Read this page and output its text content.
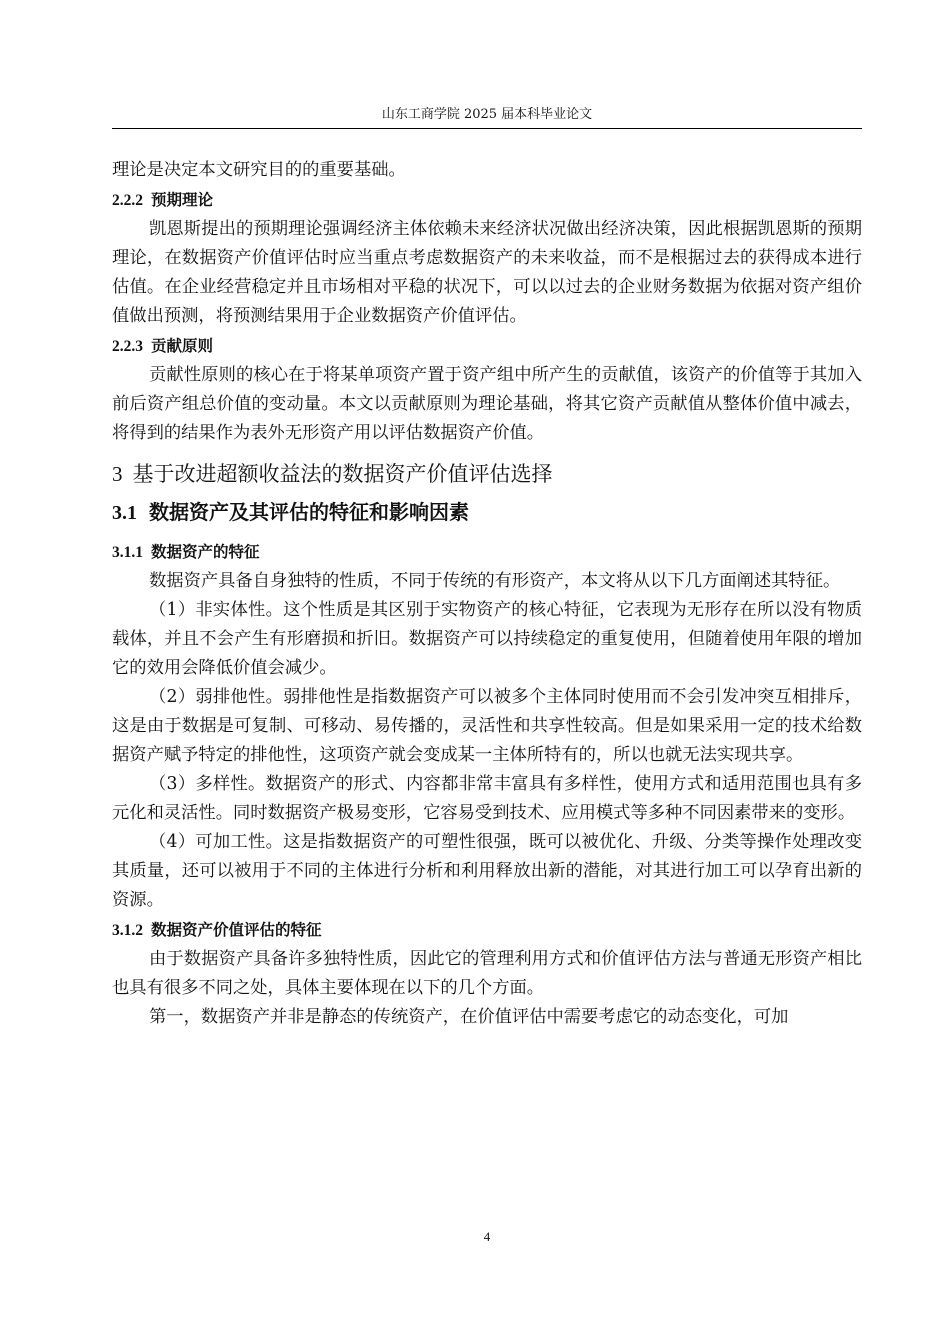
山东工商学院 2025 届本科毕业论文

理论是决定本文研究目的的重要基础。

2.2.2 预期理论

凯恩斯提出的预期理论强调经济主体依赖未来经济状况做出经济决策，因此根据凯恩斯的预期理论，在数据资产价值评估时应当重点考虑数据资产的未来收益，而不是根据过去的获得成本进行估值。在企业经营稳定并且市场相对平稳的状况下，可以以过去的企业财务数据为依据对资产组价值做出预测，将预测结果用于企业数据资产价值评估。

2.2.3 贡献原则

贡献性原则的核心在于将某单项资产置于资产组中所产生的贡献值，该资产的价值等于其加入前后资产组总价值的变动量。本文以贡献原则为理论基础，将其它资产贡献值从整体价值中减去，将得到的结果作为表外无形资产用以评估数据资产价值。

3 基于改进超额收益法的数据资产价值评估选择
3.1 数据资产及其评估的特征和影响因素
3.1.1 数据资产的特征

数据资产具备自身独特的性质，不同于传统的有形资产，本文将从以下几方面阐述其特征。

（1）非实体性。这个性质是其区别于实物资产的核心特征，它表现为无形存在所以没有物质载体，并且不会产生有形磨损和折旧。数据资产可以持续稳定的重复使用，但随着使用年限的增加它的效用会降低价值会减少。

（2）弱排他性。弱排他性是指数据资产可以被多个主体同时使用而不会引发冲突互相排斥，这是由于数据是可复制、可移动、易传播的，灵活性和共享性较高。但是如果采用一定的技术给数据资产赋予特定的排他性，这项资产就会变成某一主体所特有的，所以也就无法实现共享。

（3）多样性。数据资产的形式、内容都非常丰富具有多样性，使用方式和适用范围也具有多元化和灵活性。同时数据资产极易变形，它容易受到技术、应用模式等多种不同因素带来的变形。

（4）可加工性。这是指数据资产的可塑性很强，既可以被优化、升级、分类等操作处理改变其质量，还可以被用于不同的主体进行分析和利用释放出新的潜能，对其进行加工可以孕育出新的资源。

3.1.2 数据资产价值评估的特征

由于数据资产具备许多独特性质，因此它的管理利用方式和价值评估方法与普通无形资产相比也具有很多不同之处，具体主要体现在以下的几个方面。

第一，数据资产并非是静态的传统资产，在价值评估中需要考虑它的动态变化，可加

4
